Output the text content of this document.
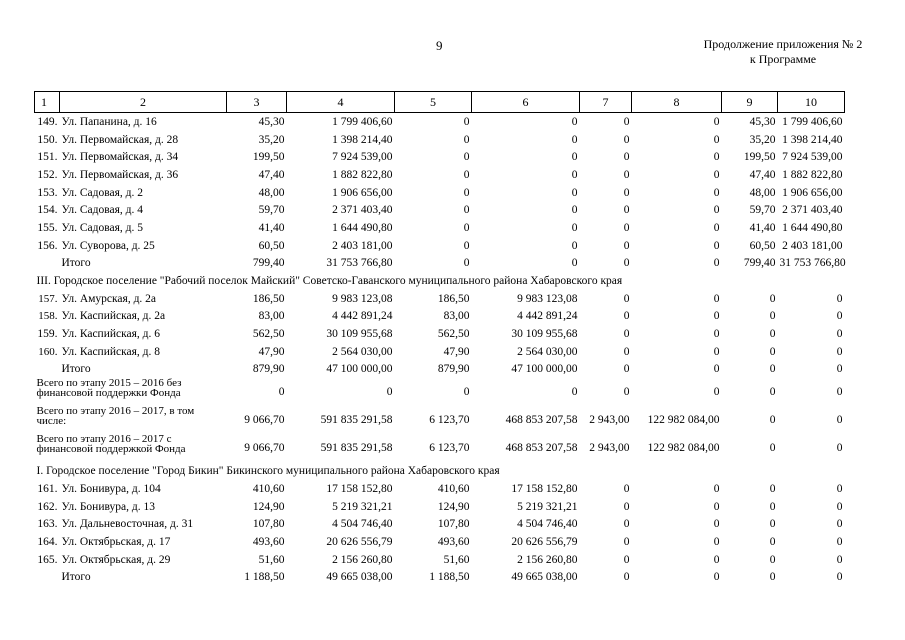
9	Продолжение приложения № 2
к Программе
1	2	3	4	5	6	7	8	9	10
149.	Ул. Папанина, д. 16	45,30	1 799 406,60	0	0	0	0	45,30	1 799 406,60
150.	Ул. Первомайская, д. 28	35,20	1 398 214,40	0	0	0	0	35,20	1 398 214,40
151.	Ул. Первомайская, д. 34	199,50	7 924 539,00	0	0	0	0	199,50	7 924 539,00
152.	Ул. Первомайская, д. 36	47,40	1 882 822,80	0	0	0	0	47,40	1 882 822,80
153.	Ул. Садовая, д. 2	48,00	1 906 656,00	0	0	0	0	48,00	1 906 656,00
154.	Ул. Садовая, д. 4	59,70	2 371 403,40	0	0	0	0	59,70	2 371 403,40
155.	Ул. Садовая, д. 5	41,40	1 644 490,80	0	0	0	0	41,40	1 644 490,80
156.	Ул. Суворова, д. 25	60,50	2 403 181,00	0	0	0	0	60,50	2 403 181,00
	Итого	799,40	31 753 766,80	0	0	0	0	799,40	31 753 766,80
III. Городское поселение "Рабочий поселок Майский" Советско-Гаванского муниципального района Хабаровского края									
157.	Ул. Амурская, д. 2а	186,50	9 983 123,08	186,50	9 983 123,08	0	0	0	0
158.	Ул. Каспийская, д. 2а	83,00	4 442 891,24	83,00	4 442 891,24	0	0	0	0
159.	Ул. Каспийская, д. 6	562,50	30 109 955,68	562,50	30 109 955,68	0	0	0	0
160.	Ул. Каспийская, д. 8	47,90	2 564 030,00	47,90	2 564 030,00	0	0	0	0
	Итого	879,90	47 100 000,00	879,90	47 100 000,00	0	0	0	0
Всего по этапу 2015 – 2016 без финансовой поддержки Фонда		0	0	0	0	0	0	0	0
Всего по этапу 2016 – 2017, в том числе:		9 066,70	591 835 291,58	6 123,70	468 853 207,58	2 943,00	122 982 084,00	0	0
Всего по этапу 2016 – 2017 с финансовой поддержкой Фонда		9 066,70	591 835 291,58	6 123,70	468 853 207,58	2 943,00	122 982 084,00	0	0
I. Городское поселение "Город Бикин" Бикинского муниципального района Хабаровского края									
161.	Ул. Бонивура, д. 104	410,60	17 158 152,80	410,60	17 158 152,80	0	0	0	0
162.	Ул. Бонивура, д. 13	124,90	5 219 321,21	124,90	5 219 321,21	0	0	0	0
163.	Ул. Дальневосточная, д. 31	107,80	4 504 746,40	107,80	4 504 746,40	0	0	0	0
164.	Ул. Октябрьская, д. 17	493,60	20 626 556,79	493,60	20 626 556,79	0	0	0	0
165.	Ул. Октябрьская, д. 29	51,60	2 156 260,80	51,60	2 156 260,80	0	0	0	0
	Итого	1 188,50	49 665 038,00	1 188,50	49 665 038,00	0	0	0	0
